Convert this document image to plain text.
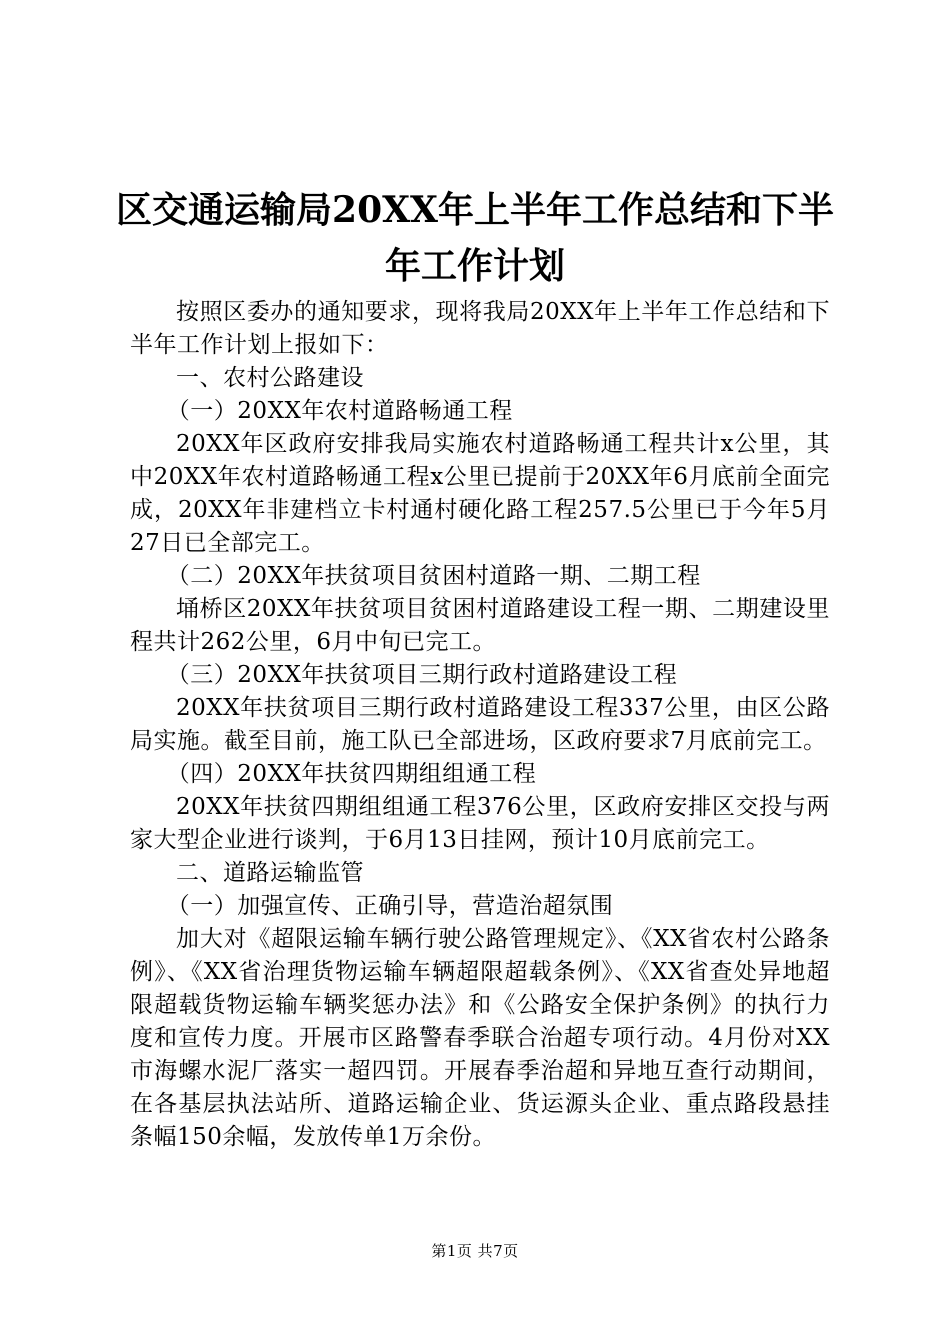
区交通运输局20XX年上半年工作总结和下半
年工作计划

按照区委办的通知要求，现将我局20XX年上半年工作总结和下半年工作计划上报如下：

一、农村公路建设

（一）20XX年农村道路畅通工程

20XX年区政府安排我局实施农村道路畅通工程共计x公里，其中20XX年农村道路畅通工程x公里已提前于20XX年6月底前全面完成，20XX年非建档立卡村通村硬化路工程257.5公里已于今年5月27日已全部完工。

（二）20XX年扶贫项目贫困村道路一期、二期工程

埇桥区20XX年扶贫项目贫困村道路建设工程一期、二期建设里程共计262公里，6月中旬已完工。

（三）20XX年扶贫项目三期行政村道路建设工程

20XX年扶贫项目三期行政村道路建设工程337公里，由区公路局实施。截至目前，施工队已全部进场，区政府要求7月底前完工。

（四）20XX年扶贫四期组组通工程

20XX年扶贫四期组组通工程376公里，区政府安排区交投与两家大型企业进行谈判，于6月13日挂网，预计10月底前完工。

二、道路运输监管

（一）加强宣传、正确引导，营造治超氛围

加大对《超限运输车辆行驶公路管理规定》、《XX省农村公路条例》、《XX省治理货物运输车辆超限超载条例》、《XX省查处异地超限超载货物运输车辆奖惩办法》和《公路安全保护条例》的执行力度和宣传力度。开展市区路警春季联合治超专项行动。4月份对XX市海螺水泥厂落实一超四罚。开展春季治超和异地互查行动期间，在各基层执法站所、道路运输企业、货运源头企业、重点路段悬挂条幅150余幅，发放传单1万余份。

第1页 共7页
